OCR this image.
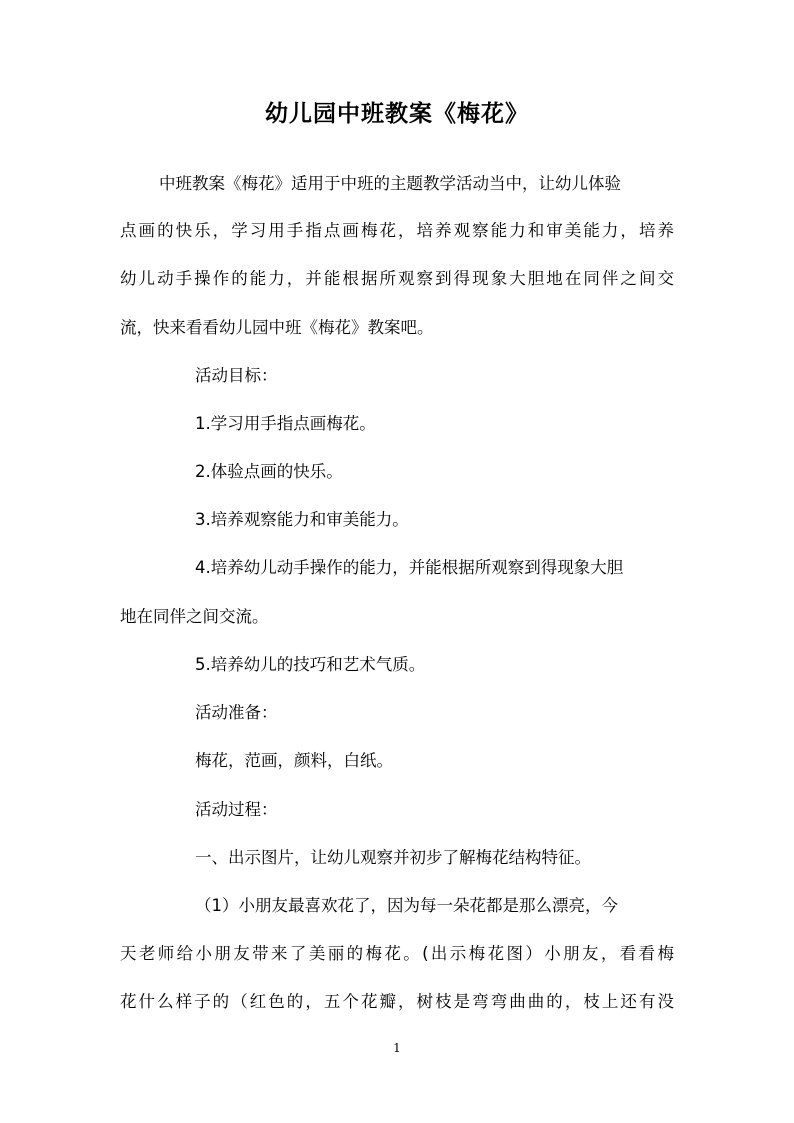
幼儿园中班教案《梅花》
中班教案《梅花》适用于中班的主题教学活动当中，让幼儿体验
点画的快乐，学习用手指点画梅花，培养观察能力和审美能力，培养
幼儿动手操作的能力，并能根据所观察到得现象大胆地在同伴之间交
流，快来看看幼儿园中班《梅花》教案吧。
活动目标：
1.学习用手指点画梅花。
2.体验点画的快乐。
3.培养观察能力和审美能力。
4.培养幼儿动手操作的能力，并能根据所观察到得现象大胆
地在同伴之间交流。
5.培养幼儿的技巧和艺术气质。
活动准备：
梅花，范画，颜料，白纸。
活动过程：
一、出示图片，让幼儿观察并初步了解梅花结构特征。
（1）小朋友最喜欢花了，因为每一朵花都是那么漂亮，今
天老师给小朋友带来了美丽的梅花。(出示梅花图）小朋友，看看梅
花什么样子的（红色的，五个花瓣，树枝是弯弯曲曲的，枝上还有没
1
